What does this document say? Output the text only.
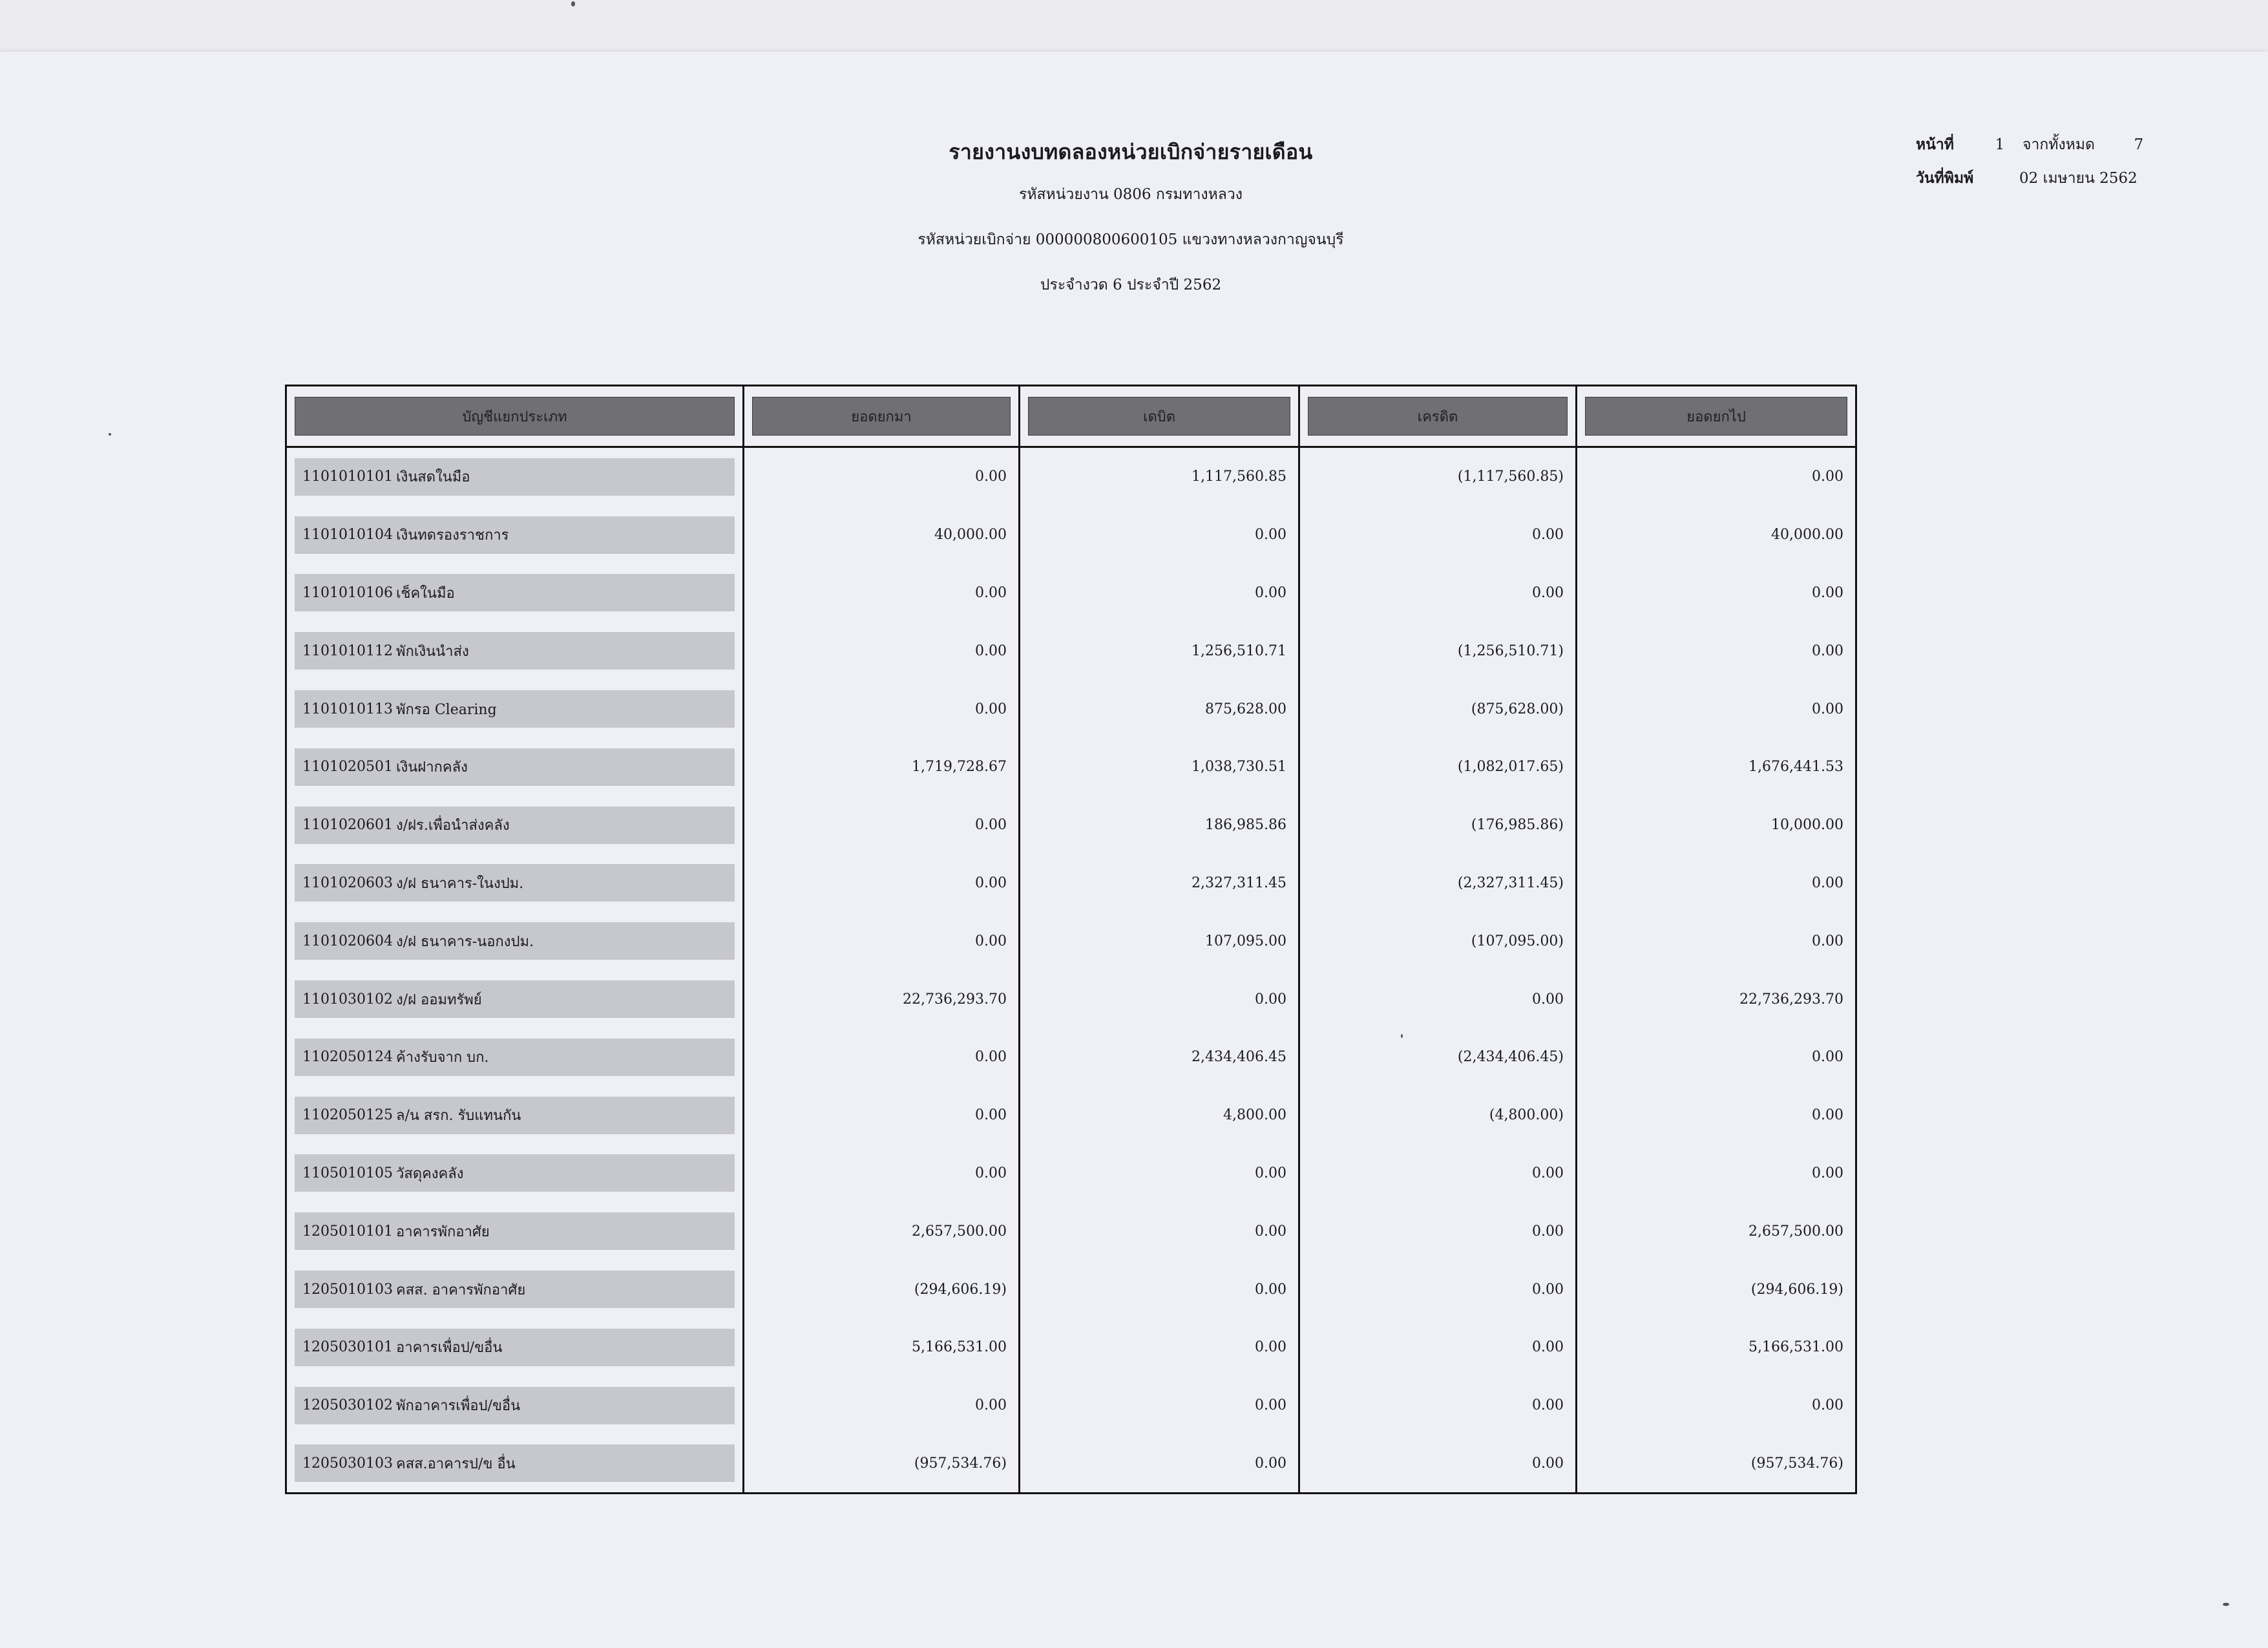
รายงานงบทดลองหน่วยเบิกจ่ายรายเดือน

รหัสหน่วยงาน 0806 กรมทางหลวง

รหัสหน่วยเบิกจ่าย 000000800600105 แขวงทางหลวงกาญจนบุรี

ประจำงวด 6 ประจำปี 2562

หน้าที่	1	จากทั้งหมด	7
วันที่พิมพ์	02 เมษายน 2562
บัญชีแยกประเภท	ยอดยกมา	เดบิต	เครดิต	ยอดยกไป

1101010101 เงินสดในมือ	0.00	1,117,560.85	(1,117,560.85)	0.00

1101010104 เงินทดรองราชการ	40,000.00	0.00	0.00	40,000.00

1101010106 เช็คในมือ	0.00	0.00	0.00	0.00

1101010112 พักเงินนำส่ง	0.00	1,256,510.71	(1,256,510.71)	0.00

1101010113 พักรอ Clearing	0.00	875,628.00	(875,628.00)	0.00

1101020501 เงินฝากคลัง	1,719,728.67	1,038,730.51	(1,082,017.65)	1,676,441.53

1101020601 ง/ฝร.เพื่อนำส่งคลัง	0.00	186,985.86	(176,985.86)	10,000.00

1101020603 ง/ฝ ธนาคาร-ในงปม.	0.00	2,327,311.45	(2,327,311.45)	0.00

1101020604 ง/ฝ ธนาคาร-นอกงปม.	0.00	107,095.00	(107,095.00)	0.00

1101030102 ง/ฝ ออมทรัพย์	22,736,293.70	0.00	0.00	22,736,293.70

1102050124 ค้างรับจาก บก.	0.00	2,434,406.45	(2,434,406.45)	0.00

1102050125 ล/น สรก. รับแทนกัน	0.00	4,800.00	(4,800.00)	0.00

1105010105 วัสดุคงคลัง	0.00	0.00	0.00	0.00

1205010101 อาคารพักอาศัย	2,657,500.00	0.00	0.00	2,657,500.00

1205010103 คสส. อาคารพักอาศัย	(294,606.19)	0.00	0.00	(294,606.19)

1205030101 อาคารเพื่อป/ขอื่น	5,166,531.00	0.00	0.00	5,166,531.00

1205030102 พักอาคารเพื่อป/ขอื่น	0.00	0.00	0.00	0.00

1205030103 คสส.อาคารป/ข อื่น	(957,534.76)	0.00	0.00	(957,534.76)
